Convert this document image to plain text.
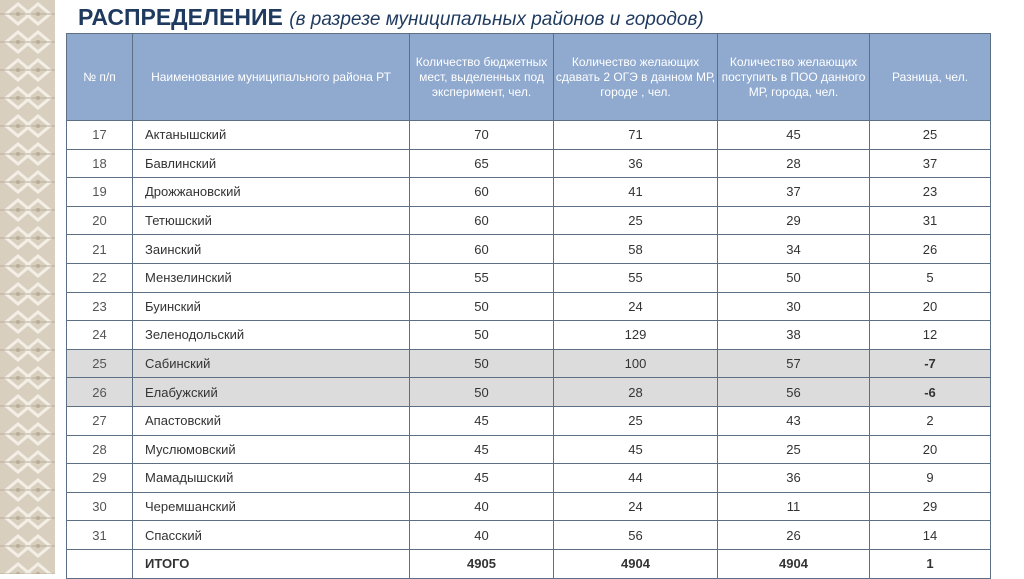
РАСПРЕДЕЛЕНИЕ (в разрезе муниципальных районов и городов)
№ п/п	Наименование муниципального района РТ	Количество бюджетных мест, выделенных под эксперимент, чел.	Количество желающих сдавать 2 ОГЭ в данном МР, городе , чел.	Количество желающих поступить в ПОО данного МР, города, чел.	Разница, чел.
17	Актанышский	70	71	45	25
18	Бавлинский	65	36	28	37
19	Дрожжановский	60	41	37	23
20	Тетюшский	60	25	29	31
21	Заинский	60	58	34	26
22	Мензелинский	55	55	50	5
23	Буинский	50	24	30	20
24	Зеленодольский	50	129	38	12
25	Сабинский	50	100	57	-7
26	Елабужский	50	28	56	-6
27	Апастовский	45	25	43	2
28	Муслюмовский	45	45	25	20
29	Мамадышский	45	44	36	9
30	Черемшанский	40	24	11	29
31	Спасский	40	56	26	14
	ИТОГО	4905	4904	4904	1
